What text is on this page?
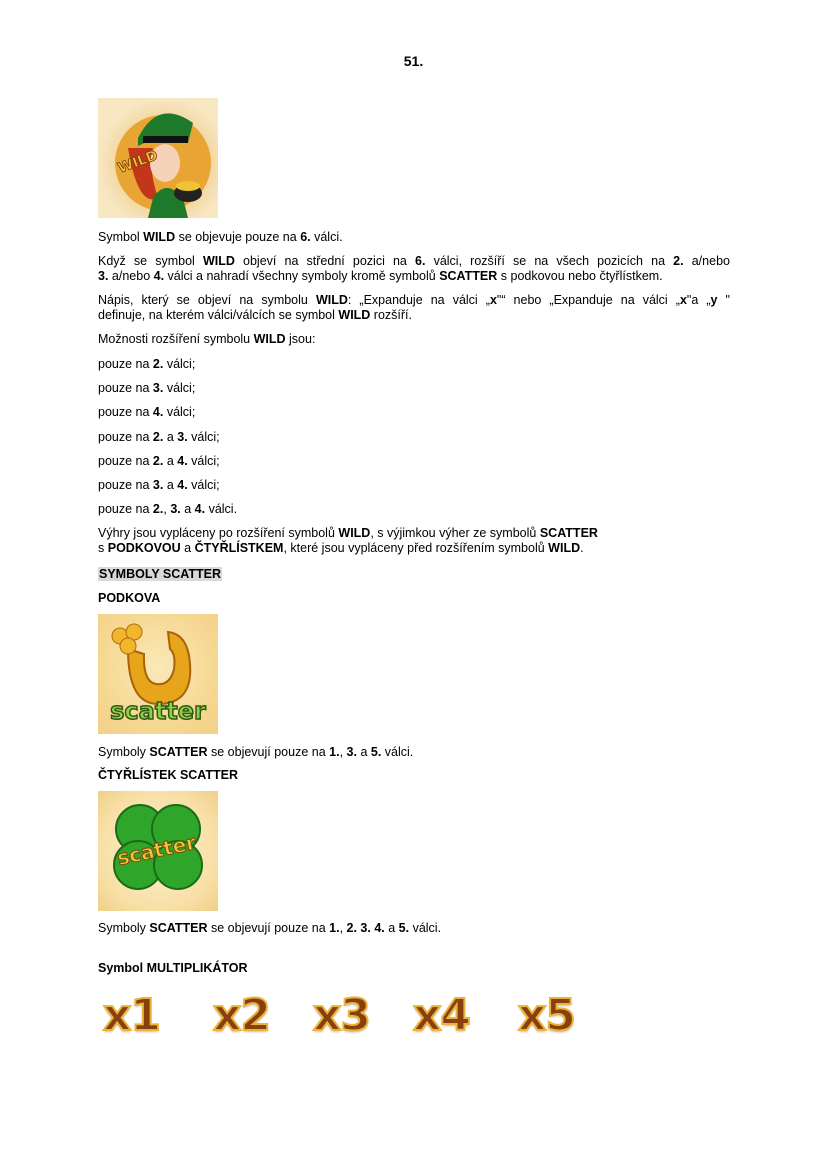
51.
WILD
Symbol WILD se objevuje pouze na 6. válci.
Když se symbol WILD objeví na střední pozici na 6. válci, rozšíří se na všech pozicích na 2. a/nebo
3. a/nebo 4. válci a nahradí všechny symboly kromě symbolů SCATTER s podkovou nebo čtyřlístkem.
Nápis, který se objeví na symbolu WILD: „Expanduje na válci „x"“ nebo „Expanduje na válci „x"a „y "
definuje, na kterém válci/válcích se symbol WILD rozšíří.
Možnosti rozšíření symbolu WILD jsou:
pouze na 2. válci;
pouze na 3. válci;
pouze na 4. válci;
pouze na 2. a 3. válci;
pouze na 2. a 4. válci;
pouze na 3. a 4. válci;
pouze na 2., 3. a 4. válci.
Výhry jsou vypláceny po rozšíření symbolů WILD, s výjimkou výher ze symbolů SCATTER
s PODKOVOU a ČTYŘLÍSTKEM, které jsou vypláceny před rozšířením symbolů WILD.
SYMBOLY SCATTER
PODKOVA
Symboly SCATTER se objevují pouze na 1., 3. a 5. válci.
ČTYŘLÍSTEK SCATTER
Symboly SCATTER se objevují pouze na 1., 2. 3. 4. a 5. válci.
Symbol MULTIPLIKÁTOR
scatter
scatter
x1 x2 x3 x4 x5
